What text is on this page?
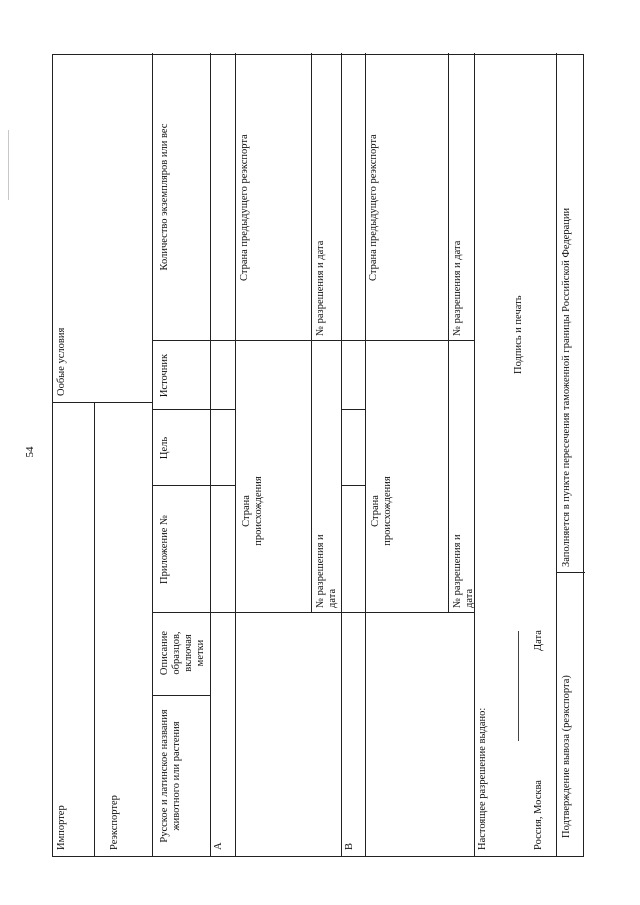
54
Импортер	Реэкспортер
Ообые условия
Русское и латинское названия животного или растения
Описание образцов, включая метки
Приложение №
Цель
Источник
Количество экземпляров или вес
A
Страна происхождения
№ разрешения и дата
Страна предыдущего реэкспорта
№ разрешения и дата
B
Страна происхождения
№ разрешения и дата
Страна предыдущего реэкспорта
№ разрешения и дата
Настоящее разрешение выдано:	Россия, Москва
Дата
Подпись и печать
Подтверждение вывоза (реэкспорта)
Заполняется в пункте пересечения таможенной границы Российской Федерации
